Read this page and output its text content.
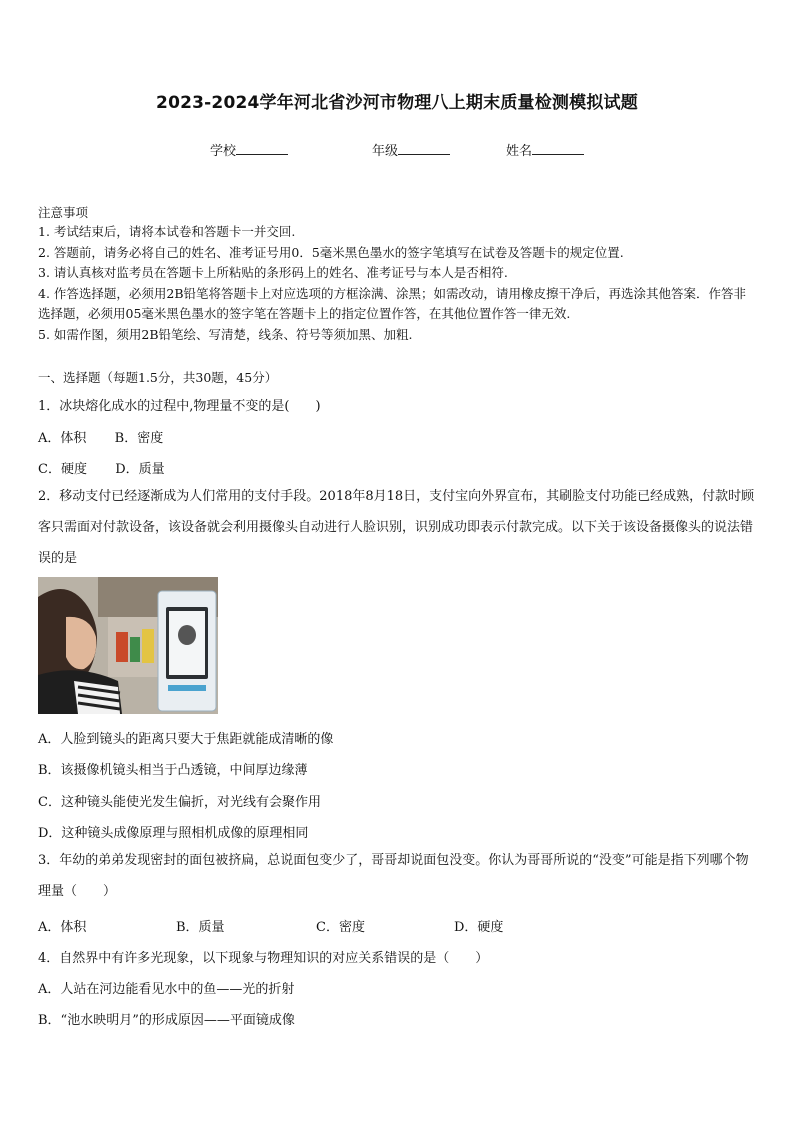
2023-2024学年河北省沙河市物理八上期末质量检测模拟试题
学校	年级	姓名
注意事项

1. 考试结束后，请将本试卷和答题卡一并交回.

2. 答题前，请务必将自己的姓名、准考证号用0．5毫米黑色墨水的签字笔填写在试卷及答题卡的规定位置.

3. 请认真核对监考员在答题卡上所粘贴的条形码上的姓名、准考证号与本人是否相符.

4. 作答选择题，必须用2B铅笔将答题卡上对应选项的方框涂满、涂黑；如需改动，请用橡皮擦干净后，再选涂其他答案．作答非选择题，必须用05毫米黑色墨水的签字笔在答题卡上的指定位置作答，在其他位置作答一律无效.

5. 如需作图，须用2B铅笔绘、写清楚，线条、符号等须加黑、加粗.

一、选择题（每题1.5分，共30题，45分）
1．冰块熔化成水的过程中,物理量不变的是(　　)
A．体积 B．密度
C．硬度 D．质量
2．移动支付已经逐渐成为人们常用的支付手段。2018年8月18日，支付宝向外界宣布，其刷脸支付功能已经成熟，付款时顾客只需面对付款设备，该设备就会利用摄像头自动进行人脸识别，识别成功即表示付款完成。以下关于该设备摄像头的说法错误的是
A．人脸到镜头的距离只要大于焦距就能成清晰的像
B．该摄像机镜头相当于凸透镜，中间厚边缘薄
C．这种镜头能使光发生偏折，对光线有会聚作用
D．这种镜头成像原理与照相机成像的原理相同
3．年幼的弟弟发现密封的面包被挤扁，总说面包变少了，哥哥却说面包没变。你认为哥哥所说的“没变”可能是指下列哪个物理量（　　）
A．体积	B．质量	C．密度	D．硬度
4．自然界中有许多光现象，以下现象与物理知识的对应关系错误的是（　　）
A．人站在河边能看见水中的鱼——光的折射
B．“池水映明月”的形成原因——平面镜成像
